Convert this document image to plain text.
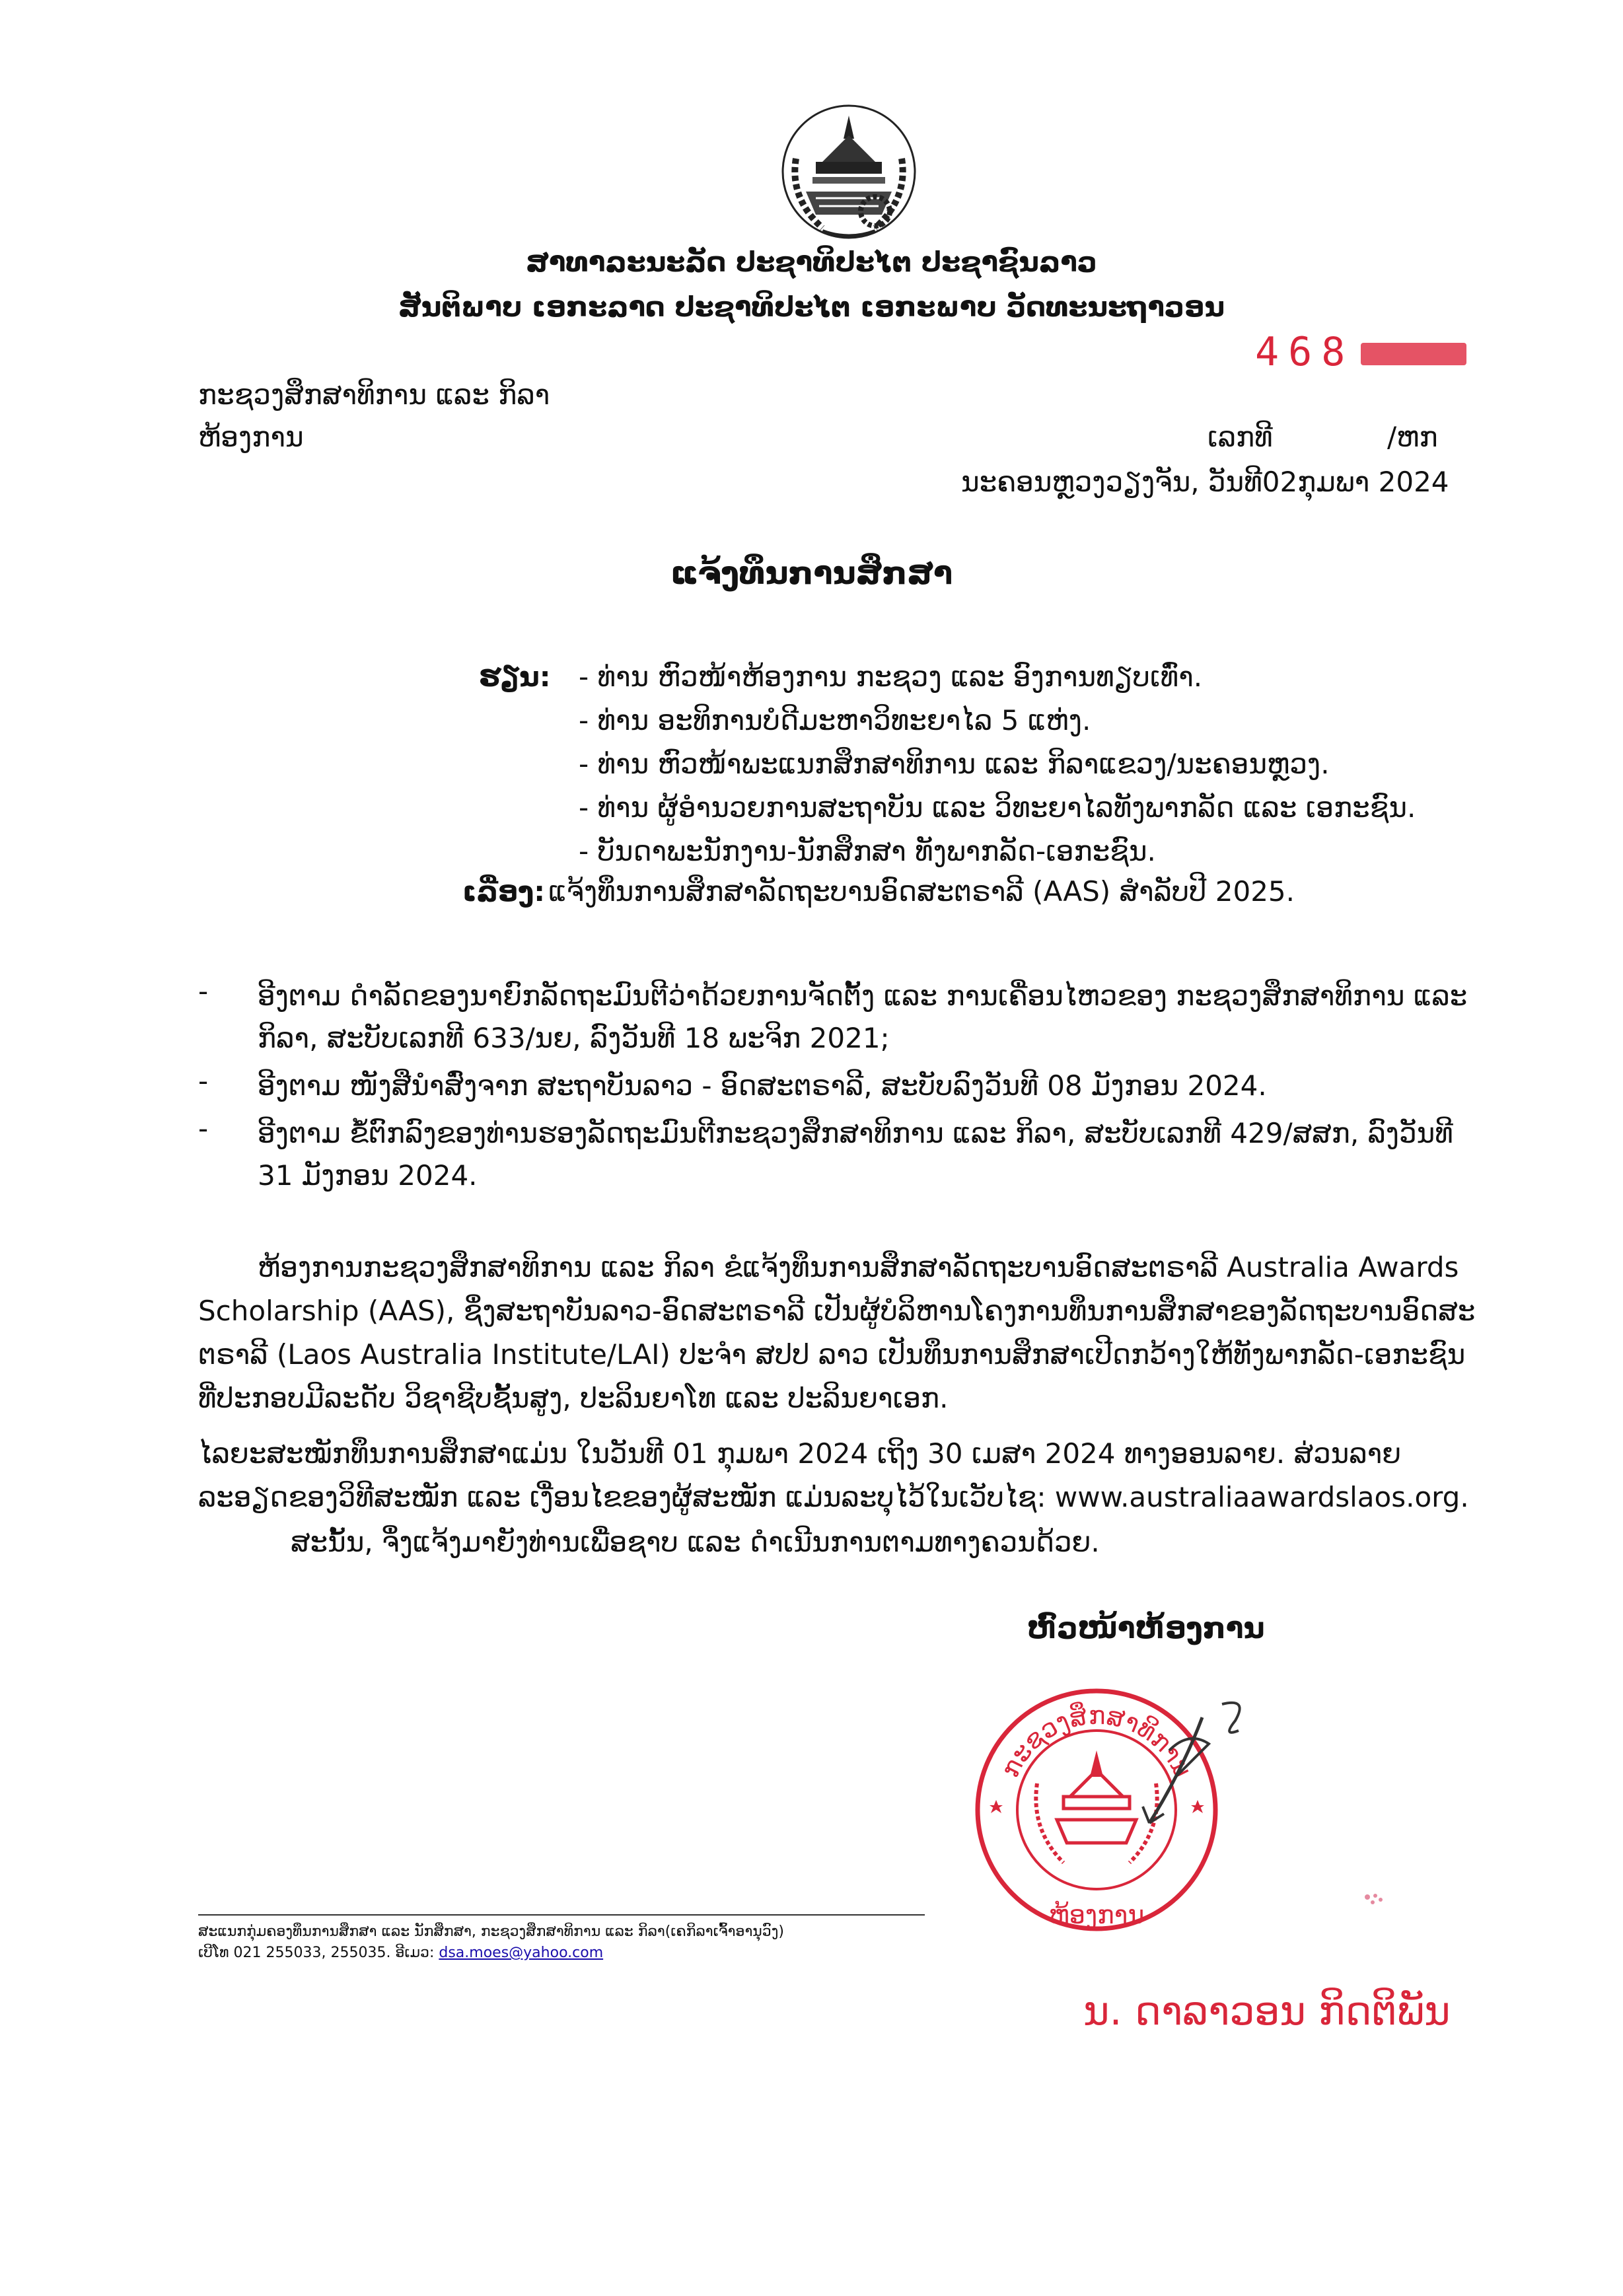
ສາທາລະນະລັດ ປະຊາທິປະໄຕ ປະຊາຊົນລາວ
ສັນຕິພາບ ເອກະລາດ ປະຊາທິປະໄຕ ເອກະພາບ ວັດທະນະຖາວອນ
468
ກະຊວງສຶກສາທິການ ແລະ ກິລາ
ຫ້ອງການ	ເລກທີ	/ຫກ
ນະຄອນຫຼວງວຽງຈັນ, ວັນທີ02ກຸມພາ 2024
ແຈ້ງທຶນການສຶກສາ
ຮຽນ: - ທ່ານ ຫົວໜ້າຫ້ອງການ ກະຊວງ ແລະ ອົງການທຽບເທົ່າ.
- ທ່ານ ອະທິການບໍດີມະຫາວິທະຍາໄລ 5 ແຫ່ງ.
- ທ່ານ ຫົວໜ້າພະແນກສຶກສາທິການ ແລະ ກິລາແຂວງ/ນະຄອນຫຼວງ.
- ທ່ານ ຜູ້ອຳນວຍການສະຖາບັນ ແລະ ວິທະຍາໄລທັງພາກລັດ ແລະ ເອກະຊົນ.
- ບັນດາພະນັກງານ-ນັກສຶກສາ ທັງພາກລັດ-ເອກະຊົນ.
ເລື່ອງ: ແຈ້ງທຶນການສຶກສາລັດຖະບານອົດສະຕຣາລີ (AAS) ສຳລັບປີ 2025.
- ອີງຕາມ ດຳລັດຂອງນາຍົກລັດຖະມົນຕີວ່າດ້ວຍການຈັດຕັ້ງ ແລະ ການເຄື່ອນໄຫວຂອງ ກະຊວງສຶກສາທິການ ແລະ
ກິລາ, ສະບັບເລກທີ 633/ນຍ, ລົງວັນທີ 18 ພະຈິກ 2021;
- ອີງຕາມ ໜັງສືນຳສົ່ງຈາກ ສະຖາບັນລາວ - ອົດສະຕຣາລີ, ສະບັບລົງວັນທີ 08 ມັງກອນ 2024.
- ອີງຕາມ ຂໍ້ຕົກລົງຂອງທ່ານຮອງລັດຖະມົນຕີກະຊວງສຶກສາທິການ ແລະ ກິລາ, ສະບັບເລກທີ 429/ສສກ, ລົງວັນທີ
31 ມັງກອນ 2024.
ຫ້ອງການກະຊວງສຶກສາທິການ ແລະ ກິລາ ຂໍແຈ້ງທຶນການສຶກສາລັດຖະບານອົດສະຕຣາລີ Australia Awards
Scholarship (AAS), ຊຶ່ງສະຖາບັນລາວ-ອົດສະຕຣາລີ ເປັນຜູ້ບໍລິຫານໂຄງການທຶນການສຶກສາຂອງລັດຖະບານອົດສະ
ຕຣາລີ (Laos Australia Institute/LAI) ປະຈຳ ສປປ ລາວ ເປັນທຶນການສຶກສາເປີດກວ້າງໃຫ້ທັງພາກລັດ-ເອກະຊົນ
ທີ່ປະກອບມີລະດັບ ວິຊາຊີບຊັ້ນສູງ, ປະລິນຍາໂທ ແລະ ປະລິນຍາເອກ.
ໄລຍະສະໝັກທຶນການສຶກສາແມ່ນ ໃນວັນທີ 01 ກຸມພາ 2024 ເຖິງ 30 ເມສາ 2024 ທາງອອນລາຍ. ສ່ວນລາຍ
ລະອຽດຂອງວິທີສະໝັກ ແລະ ເງື່ອນໄຂຂອງຜູ້ສະໝັກ ແມ່ນລະບຸໄວ້ໃນເວັບໄຊ: www.australiaawardslaos.org.
ສະນັ້ນ, ຈຶ່ງແຈ້ງມາຍັງທ່ານເພື່ອຊາບ ແລະ ດຳເນີນການຕາມທາງຄວນດ້ວຍ.
ຫົວໜ້າຫ້ອງການ
ກະຊວງສຶກສາທິການ
ຫ້ອງການ
ນ. ດາລາວອນ ກິດຕິພັນ
ສະແນກກຸ່ມຄອງທຶນການສຶກສາ ແລະ ນັກສຶກສາ, ກະຊວງສຶກສາທິການ ແລະ ກິລາ(ເຄກິລາເຈົ້າອານຸວົງ)
ເບີໂທ 021 255033, 255035. ອີເມວ: dsa.moes@yahoo.com
